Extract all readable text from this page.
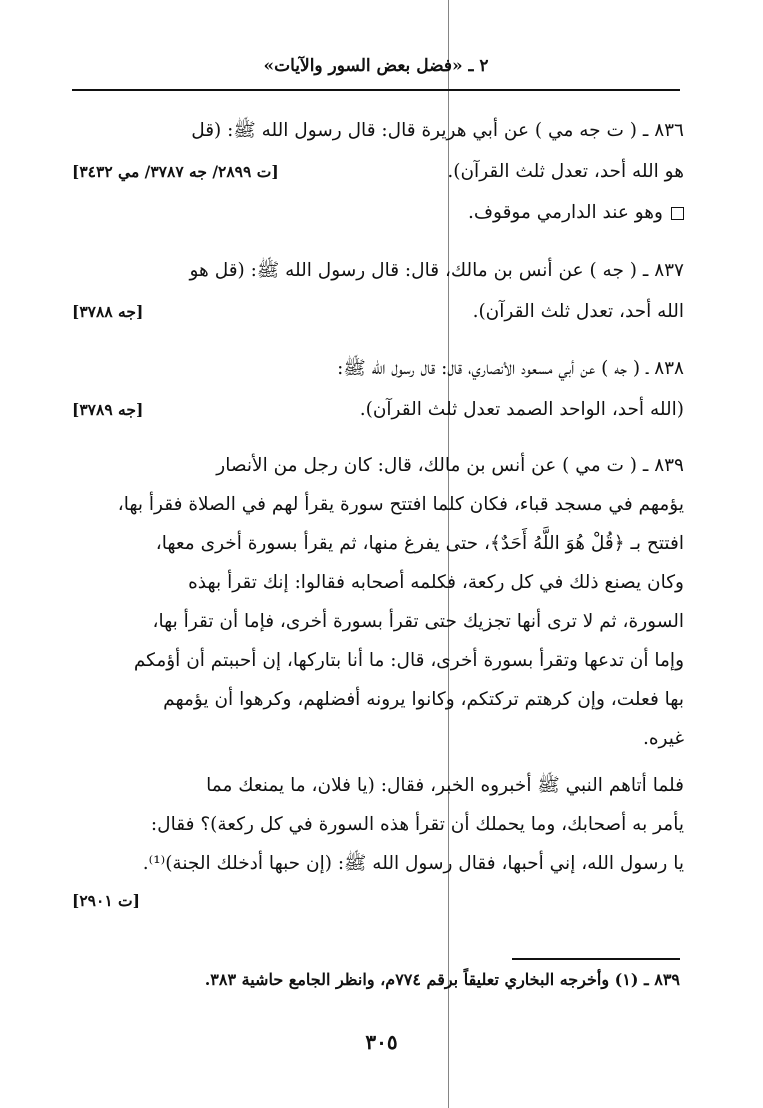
٢ ـ «فضل بعض السور والآيات»
٨٣٦ ـ ( ت جه مي ) عن أبي هريرة قال: قال رسول الله ﷺ: (قل
هو الله أحد، تعدل ثلث القرآن).
[ت ٢٨٩٩/ جه ٣٧٨٧/ مي ٣٤٣٢]
وهو عند الدارمي موقوف.
٨٣٧ ـ ( جه ) عن أنس بن مالك، قال: قال رسول الله ﷺ: (قل هو
الله أحد، تعدل ثلث القرآن).
[جه ٣٧٨٨]
٨٣٨ ـ ( جه ) عن أبي مسعود الأنصاري، قال: قال رسول الله ﷺ:
(الله أحد، الواحد الصمد تعدل ثلث القرآن).
[جه ٣٧٨٩]
٨٣٩ ـ ( ت مي ) عن أنس بن مالك، قال: كان رجل من الأنصار
يؤمهم في مسجد قباء، فكان كلما افتتح سورة يقرأ لهم في الصلاة فقرأ بها،
افتتح بـ ﴿قُلْ هُوَ اللَّهُ أَحَدٌ﴾، حتى يفرغ منها، ثم يقرأ بسورة أخرى معها،
وكان يصنع ذلك في كل ركعة، فكلمه أصحابه فقالوا: إنك تقرأ بهذه
السورة، ثم لا ترى أنها تجزيك حتى تقرأ بسورة أخرى، فإما أن تقرأ بها،
وإما أن تدعها وتقرأ بسورة أخرى، قال: ما أنا بتاركها، إن أحببتم أن أؤمكم
بها فعلت، وإن كرهتم تركتكم، وكانوا يرونه أفضلهم، وكرهوا أن يؤمهم
غيره.
فلما أتاهم النبي ﷺ أخبروه الخبر، فقال: (يا فلان، ما يمنعك مما
يأمر به أصحابك، وما يحملك أن تقرأ هذه السورة في كل ركعة)؟ فقال:
يا رسول الله، إني أحبها، فقال رسول الله ﷺ: (إن حبها أدخلك الجنة)⁽¹⁾.
[ت ٢٩٠١]
٨٣٩ ـ (١) وأخرجه البخاري تعليقاً برقم ٧٧٤م، وانظر الجامع حاشية ٣٨٣.
٣٠٥
